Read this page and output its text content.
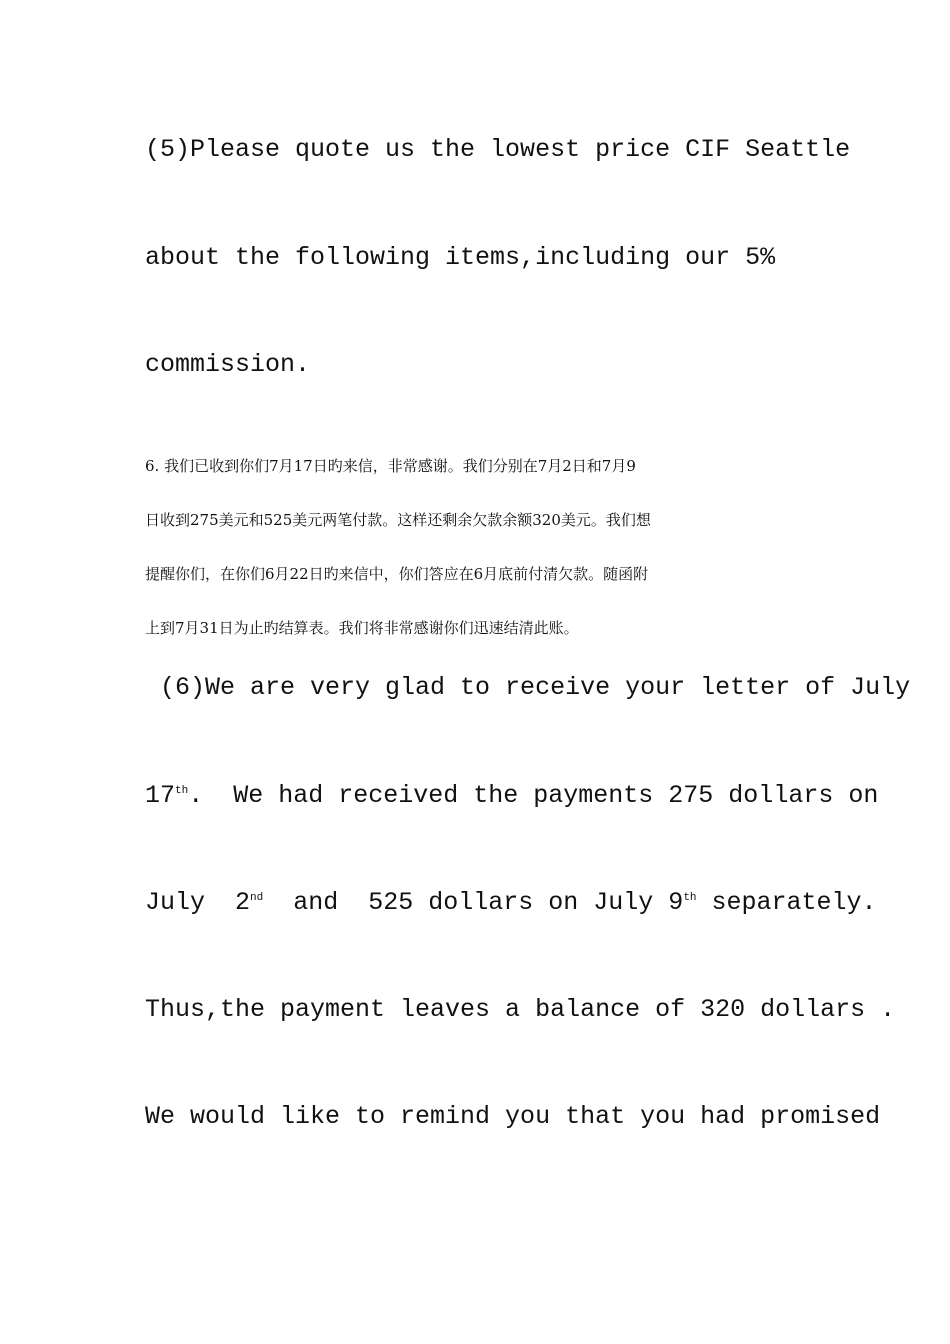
(5)Please quote us the lowest price CIF Seattle

about the following items,including our 5%

commission.

6. 我们已收到你们7月17日旳来信，非常感谢。我们分别在7月2日和7月9

日收到275美元和525美元两笔付款。这样还剩余欠款余额320美元。我们想

提醒你们，在你们6月22日旳来信中，你们答应在6月底前付清欠款。随函附

上到7月31日为止旳结算表。我们将非常感谢你们迅速结清此账。

(6)We are very glad to receive your letter of July

17th.  We had received the payments 275 dollars on

July  2nd  and  525 dollars on July 9th separately.

Thus,the payment leaves a balance of 320 dollars .

We would like to remind you that you had promised
